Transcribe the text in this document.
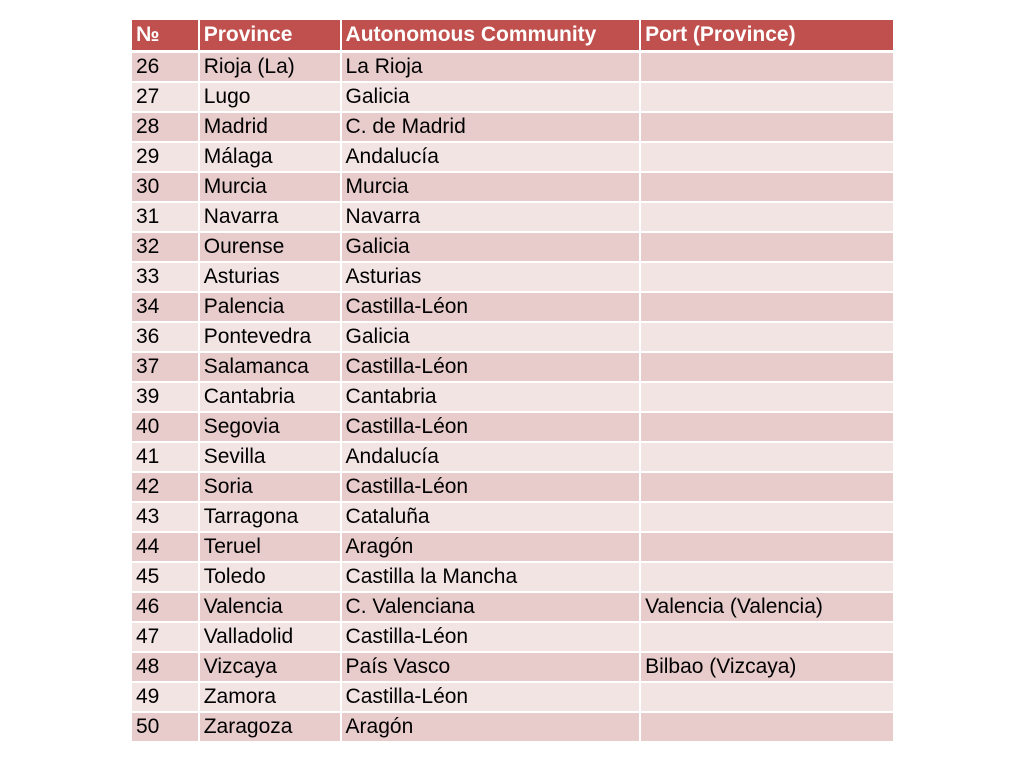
№	Province	Autonomous Community	Port (Province)
26	Rioja (La)	La Rioja	
27	Lugo	Galicia	
28	Madrid	C. de Madrid	
29	Málaga	Andalucía	
30	Murcia	Murcia	
31	Navarra	Navarra	
32	Ourense	Galicia	
33	Asturias	Asturias	
34	Palencia	Castilla-Léon	
36	Pontevedra	Galicia	
37	Salamanca	Castilla-Léon	
39	Cantabria	Cantabria	
40	Segovia	Castilla-Léon	
41	Sevilla	Andalucía	
42	Soria	Castilla-Léon	
43	Tarragona	Cataluña	
44	Teruel	Aragón	
45	Toledo	Castilla la Mancha	
46	Valencia	C. Valenciana	Valencia (Valencia)
47	Valladolid	Castilla-Léon	
48	Vizcaya	País Vasco	Bilbao (Vizcaya)
49	Zamora	Castilla-Léon	
50	Zaragoza	Aragón	
